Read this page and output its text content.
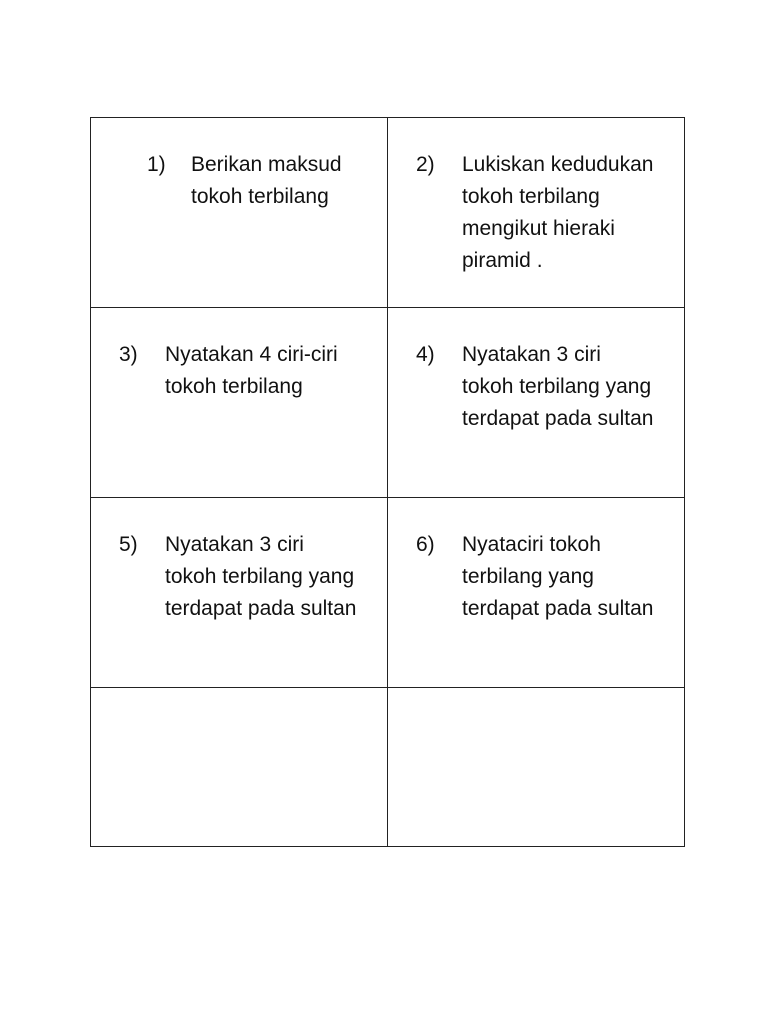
1)	Berikan maksud
tokoh terbilang
2)	Lukiskan kedudukan
tokoh terbilang
mengikut hieraki
piramid .
3)	Nyatakan 4 ciri-ciri
tokoh terbilang
4)	Nyatakan 3 ciri
tokoh terbilang yang
terdapat pada sultan
5)	Nyatakan 3 ciri
tokoh terbilang yang
terdapat pada sultan
6)	Nyataciri tokoh
terbilang yang
terdapat pada sultan
